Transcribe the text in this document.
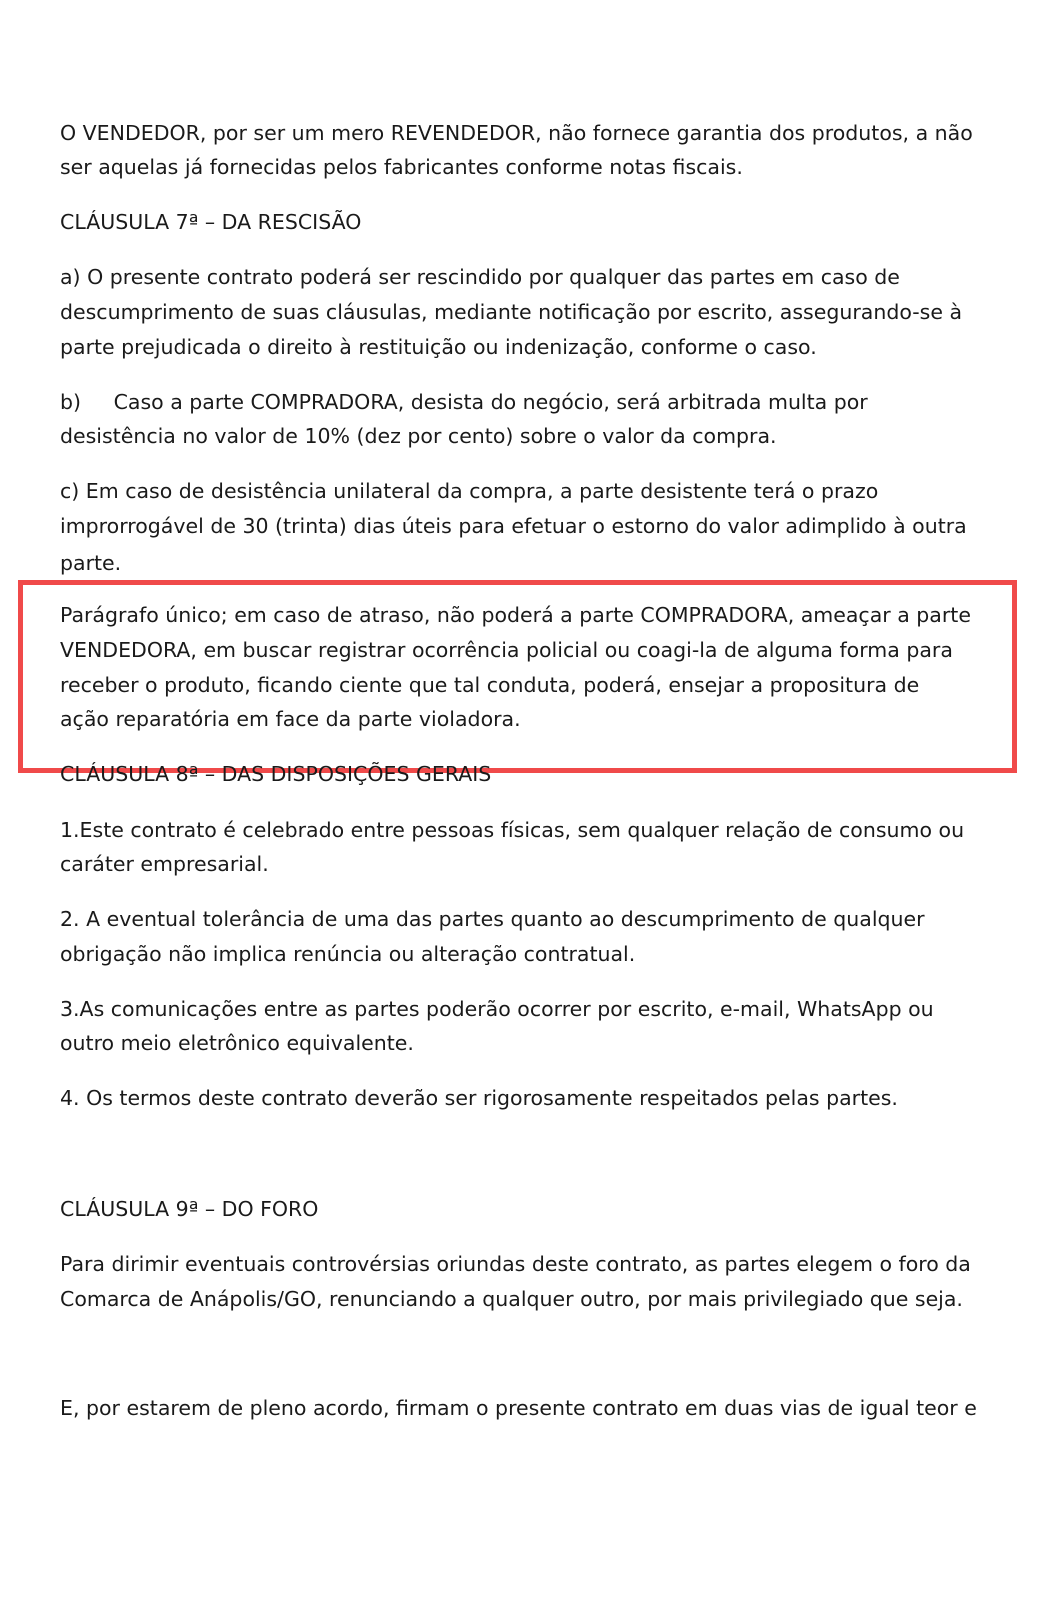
O VENDEDOR, por ser um mero REVENDEDOR, não fornece garantia dos produtos, a não
ser aquelas já fornecidas pelos fabricantes conforme notas fiscais.
CLÁUSULA 7ª – DA RESCISÃO
a) O presente contrato poderá ser rescindido por qualquer das partes em caso de
descumprimento de suas cláusulas, mediante notificação por escrito, assegurando-se à
parte prejudicada o direito à restituição ou indenização, conforme o caso.
b)     Caso a parte COMPRADORA, desista do negócio, será arbitrada multa por
desistência no valor de 10% (dez por cento) sobre o valor da compra.
c) Em caso de desistência unilateral da compra, a parte desistente terá o prazo
improrrogável de 30 (trinta) dias úteis para efetuar o estorno do valor adimplido à outra
parte.
Parágrafo único; em caso de atraso, não poderá a parte COMPRADORA, ameaçar a parte
VENDEDORA, em buscar registrar ocorrência policial ou coagi-la de alguma forma para
receber o produto, ficando ciente que tal conduta, poderá, ensejar a propositura de
ação reparatória em face da parte violadora.
CLÁUSULA 8ª – DAS DISPOSIÇÕES GERAIS
1.Este contrato é celebrado entre pessoas físicas, sem qualquer relação de consumo ou
caráter empresarial.
2. A eventual tolerância de uma das partes quanto ao descumprimento de qualquer
obrigação não implica renúncia ou alteração contratual.
3.As comunicações entre as partes poderão ocorrer por escrito, e-mail, WhatsApp ou
outro meio eletrônico equivalente.
4. Os termos deste contrato deverão ser rigorosamente respeitados pelas partes.
CLÁUSULA 9ª – DO FORO
Para dirimir eventuais controvérsias oriundas deste contrato, as partes elegem o foro da
Comarca de Anápolis/GO, renunciando a qualquer outro, por mais privilegiado que seja.
E, por estarem de pleno acordo, firmam o presente contrato em duas vias de igual teor e
